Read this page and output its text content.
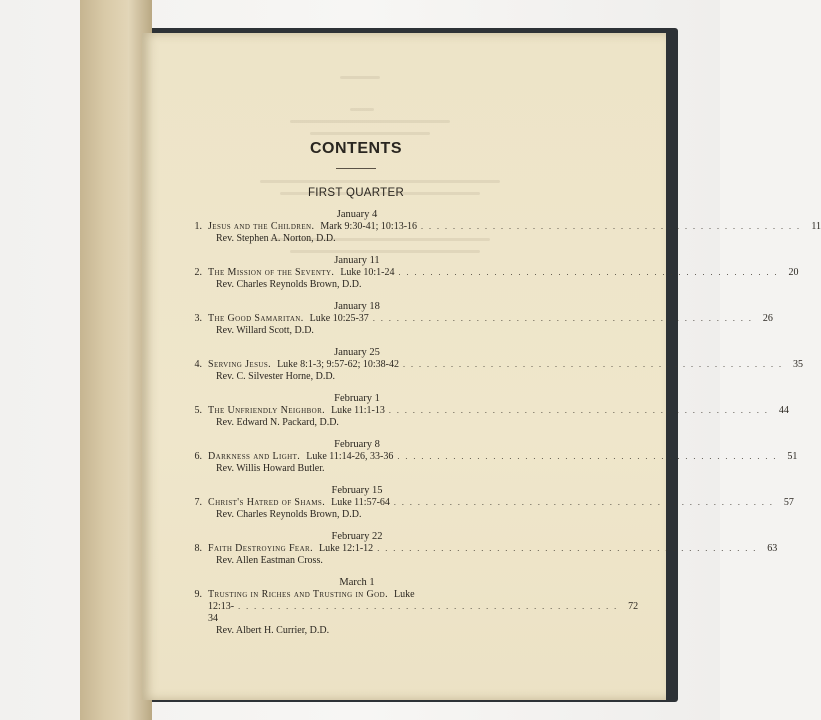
CONTENTS
FIRST QUARTER
January 4
1. Jesus and the Children. Mark 9:30-41; 10:13-16 . . . . . . . . . . . . . . . . . . . . . . . . . . . . . . . . . . . . . . . . . . . . . . . .	11
Rev. Stephen A. Norton, D.D.
January 11
2. The Mission of the Seventy. Luke 10:1-24 . . . . . . . . . . . . . . . . . . . . . . . . . . . . . . . . . . . . . . . . . . . . . . . .	20
Rev. Charles Reynolds Brown, D.D.
January 18
3. The Good Samaritan. Luke 10:25-37 . . . . . . . . . . . . . . . . . . . . . . . . . . . . . . . . . . . . . . . . . . . . . . . .	26
Rev. Willard Scott, D.D.
January 25
4. Serving Jesus. Luke 8:1-3; 9:57-62; 10:38-42 . . . . . . . . . . . . . . . . . . . . . . . . . . . . . . . . . . . . . . . . . . . . . . . .	35
Rev. C. Silvester Horne, D.D.
February 1
5. The Unfriendly Neighbor. Luke 11:1-13 . . . . . . . . . . . . . . . . . . . . . . . . . . . . . . . . . . . . . . . . . . . . . . . .	44
Rev. Edward N. Packard, D.D.
February 8
6. Darkness and Light. Luke 11:14-26, 33-36 . . . . . . . . . . . . . . . . . . . . . . . . . . . . . . . . . . . . . . . . . . . . . . . .	51
Rev. Willis Howard Butler.
February 15
7. Christ's Hatred of Shams. Luke 11:57-64 . . . . . . . . . . . . . . . . . . . . . . . . . . . . . . . . . . . . . . . . . . . . . . . .	57
Rev. Charles Reynolds Brown, D.D.
February 22
8. Faith Destroying Fear. Luke 12:1-12 . . . . . . . . . . . . . . . . . . . . . . . . . . . . . . . . . . . . . . . . . . . . . . . .	63
Rev. Allen Eastman Cross.
March 1
9. Trusting in Riches and Trusting in God. Luke
12:13-34
. . . . . . . . . . . . . . . . . . . . . . . . . . . . . . . . . . . . . . . . . . . . . . . .	72
Rev. Albert H. Currier, D.D.
